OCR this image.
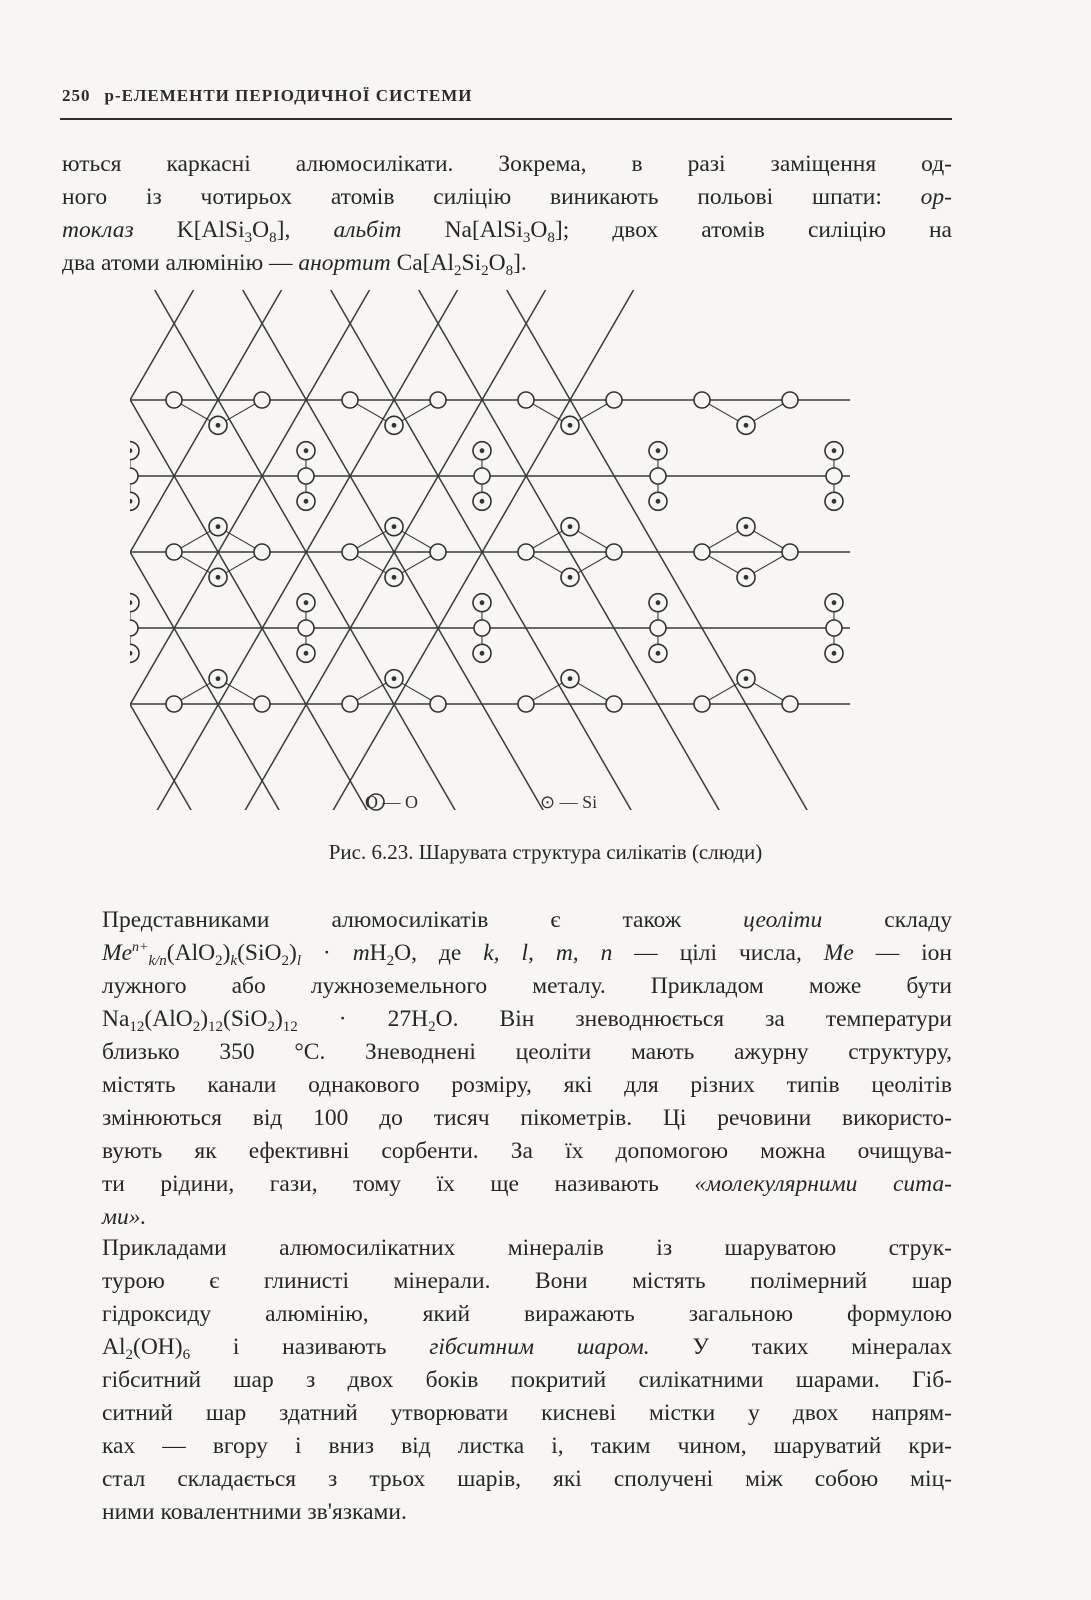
250 р-ЕЛЕМЕНТИ ПЕРІОДИЧНОЇ СИСТЕМИ
ються каркасні алюмосилікати. Зокрема, в разі заміщення од-
ного із чотирьох атомів силіцію виникають польові шпати: ор-
токлаз $K[AlSi_3O_8]$, альбіт $Na[AlSi_3O_8]$; двох атомів силіцію на
два атоми алюмінію — анортит $Ca[Al_2Si_2O_8]$.
О — О	⊙ — Si
Рис. 6.23. Шарувата структура силікатів (слюди)
Представниками алюмосилікатів є також цеоліти складу
$Me^{n+}_{k/n}(AlO_2)_k(SiO_2)_l \cdot mH_2O$, де k, l, m, n — цілі числа, Me — іон
лужного або лужноземельного металу. Прикладом може бути
$Na_{12}(AlO_2)_{12}(SiO_2)_{12} \cdot 27H_2O$. Він зневоднюється за температури
близько 350 °С. Зневоднені цеоліти мають ажурну структуру,
містять канали однакового розміру, які для різних типів цеолітів
змінюються від 100 до тисяч пікометрів. Ці речовини використо-
вують як ефективні сорбенти. За їх допомогою можна очищува-
ти рідини, гази, тому їх ще називають «молекулярними сита-
ми».
Прикладами алюмосилікатних мінералів із шаруватою струк-
турою є глинисті мінерали. Вони містять полімерний шар
гідроксиду алюмінію, який виражають загальною формулою
$Al_2(OH)_6$ і називають гібситним шаром. У таких мінералах
гібситний шар з двох боків покритий силікатними шарами. Гіб-
ситний шар здатний утворювати кисневі містки у двох напрям-
ках — вгору і вниз від листка і, таким чином, шаруватий кри-
стал складається з трьох шарів, які сполучені між собою міц-
ними ковалентними зв'язками.
